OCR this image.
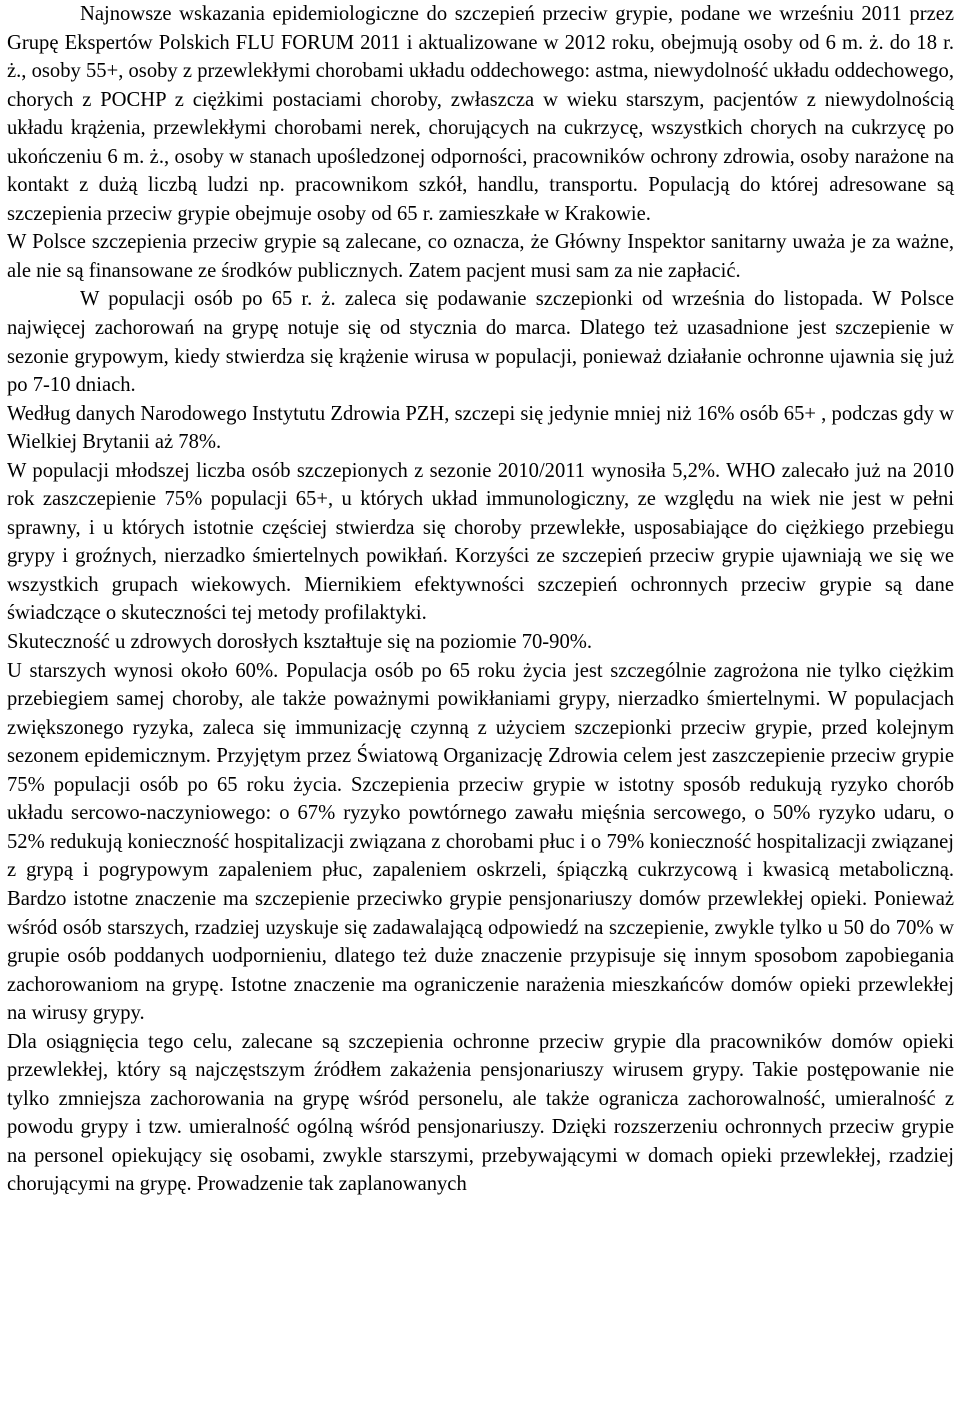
Najnowsze wskazania epidemiologiczne do szczepień przeciw grypie, podane we wrześniu 2011 przez Grupę Ekspertów Polskich FLU FORUM 2011 i aktualizowane w 2012 roku, obejmują osoby od 6 m. ż. do 18 r. ż., osoby 55+, osoby z przewlekłymi chorobami układu oddechowego: astma, niewydolność układu oddechowego, chorych z POCHP z ciężkimi postaciami choroby, zwłaszcza w wieku starszym, pacjentów z niewydolnością układu krążenia, przewlekłymi chorobami nerek, chorujących na cukrzycę, wszystkich chorych na cukrzycę po ukończeniu 6 m. ż., osoby w stanach upośledzonej odporności, pracowników ochrony zdrowia, osoby narażone na kontakt z dużą liczbą ludzi np. pracownikom szkół, handlu, transportu. Populacją do której adresowane są szczepienia przeciw grypie obejmuje osoby od 65 r. zamieszkałe w Krakowie.

W Polsce szczepienia przeciw grypie są zalecane, co oznacza, że Główny Inspektor sanitarny uważa je za ważne, ale nie są finansowane ze środków publicznych. Zatem pacjent musi sam za nie zapłacić.

W populacji osób po 65 r. ż. zaleca się podawanie szczepionki od września do listopada. W Polsce najwięcej zachorowań na grypę notuje się od stycznia do marca. Dlatego też uzasadnione jest szczepienie w sezonie grypowym, kiedy stwierdza się krążenie wirusa w populacji, ponieważ działanie ochronne ujawnia się już po 7-10 dniach.

Według danych Narodowego Instytutu Zdrowia PZH, szczepi się jedynie mniej niż 16% osób 65+ , podczas gdy w Wielkiej Brytanii aż 78%.

W populacji młodszej liczba osób szczepionych z sezonie 2010/2011 wynosiła 5,2%. WHO zalecało już na 2010 rok zaszczepienie 75% populacji 65+, u których układ immunologiczny, ze względu na wiek nie jest w pełni sprawny, i u których istotnie częściej stwierdza się choroby przewlekłe, usposabiające do ciężkiego przebiegu grypy i groźnych, nierzadko śmiertelnych powikłań. Korzyści ze szczepień przeciw grypie ujawniają we się we wszystkich grupach wiekowych. Miernikiem efektywności szczepień ochronnych przeciw grypie są dane świadczące o skuteczności tej metody profilaktyki.

Skuteczność u zdrowych dorosłych kształtuje się na poziomie 70-90%.

U starszych wynosi około 60%. Populacja osób po 65 roku życia jest szczególnie zagrożona nie tylko ciężkim przebiegiem samej choroby, ale także poważnymi powikłaniami grypy, nierzadko śmiertelnymi. W populacjach zwiększonego ryzyka, zaleca się immunizację czynną z użyciem szczepionki przeciw grypie, przed kolejnym sezonem epidemicznym. Przyjętym przez Światową Organizację Zdrowia celem jest zaszczepienie przeciw grypie 75% populacji osób po 65 roku życia. Szczepienia przeciw grypie w istotny sposób redukują ryzyko chorób układu sercowo-naczyniowego: o 67% ryzyko powtórnego zawału mięśnia sercowego, o 50% ryzyko udaru, o 52% redukują konieczność hospitalizacji związana z chorobami płuc i o 79% konieczność hospitalizacji związanej z grypą i pogrypowym zapaleniem płuc, zapaleniem oskrzeli, śpiączką cukrzycową i kwasicą metaboliczną. Bardzo istotne znaczenie ma szczepienie przeciwko grypie pensjonariuszy domów przewlekłej opieki. Ponieważ wśród osób starszych, rzadziej uzyskuje się zadawalającą odpowiedź na szczepienie, zwykle tylko u 50 do 70% w grupie osób poddanych uodpornieniu, dlatego też duże znaczenie przypisuje się innym sposobom zapobiegania zachorowaniom na grypę. Istotne znaczenie ma ograniczenie narażenia mieszkańców domów opieki przewlekłej na wirusy grypy.

Dla osiągnięcia tego celu, zalecane są szczepienia ochronne przeciw grypie dla pracowników domów opieki przewlekłej, który są najczęstszym źródłem zakażenia pensjonariuszy wirusem grypy. Takie postępowanie nie tylko zmniejsza zachorowania na grypę wśród personelu, ale także ogranicza zachorowalność, umieralność z powodu grypy i tzw. umieralność ogólną wśród pensjonariuszy. Dzięki rozszerzeniu ochronnych przeciw grypie na personel opiekujący się osobami, zwykle starszymi, przebywającymi w domach opieki przewlekłej, rzadziej chorującymi na grypę. Prowadzenie tak zaplanowanych
